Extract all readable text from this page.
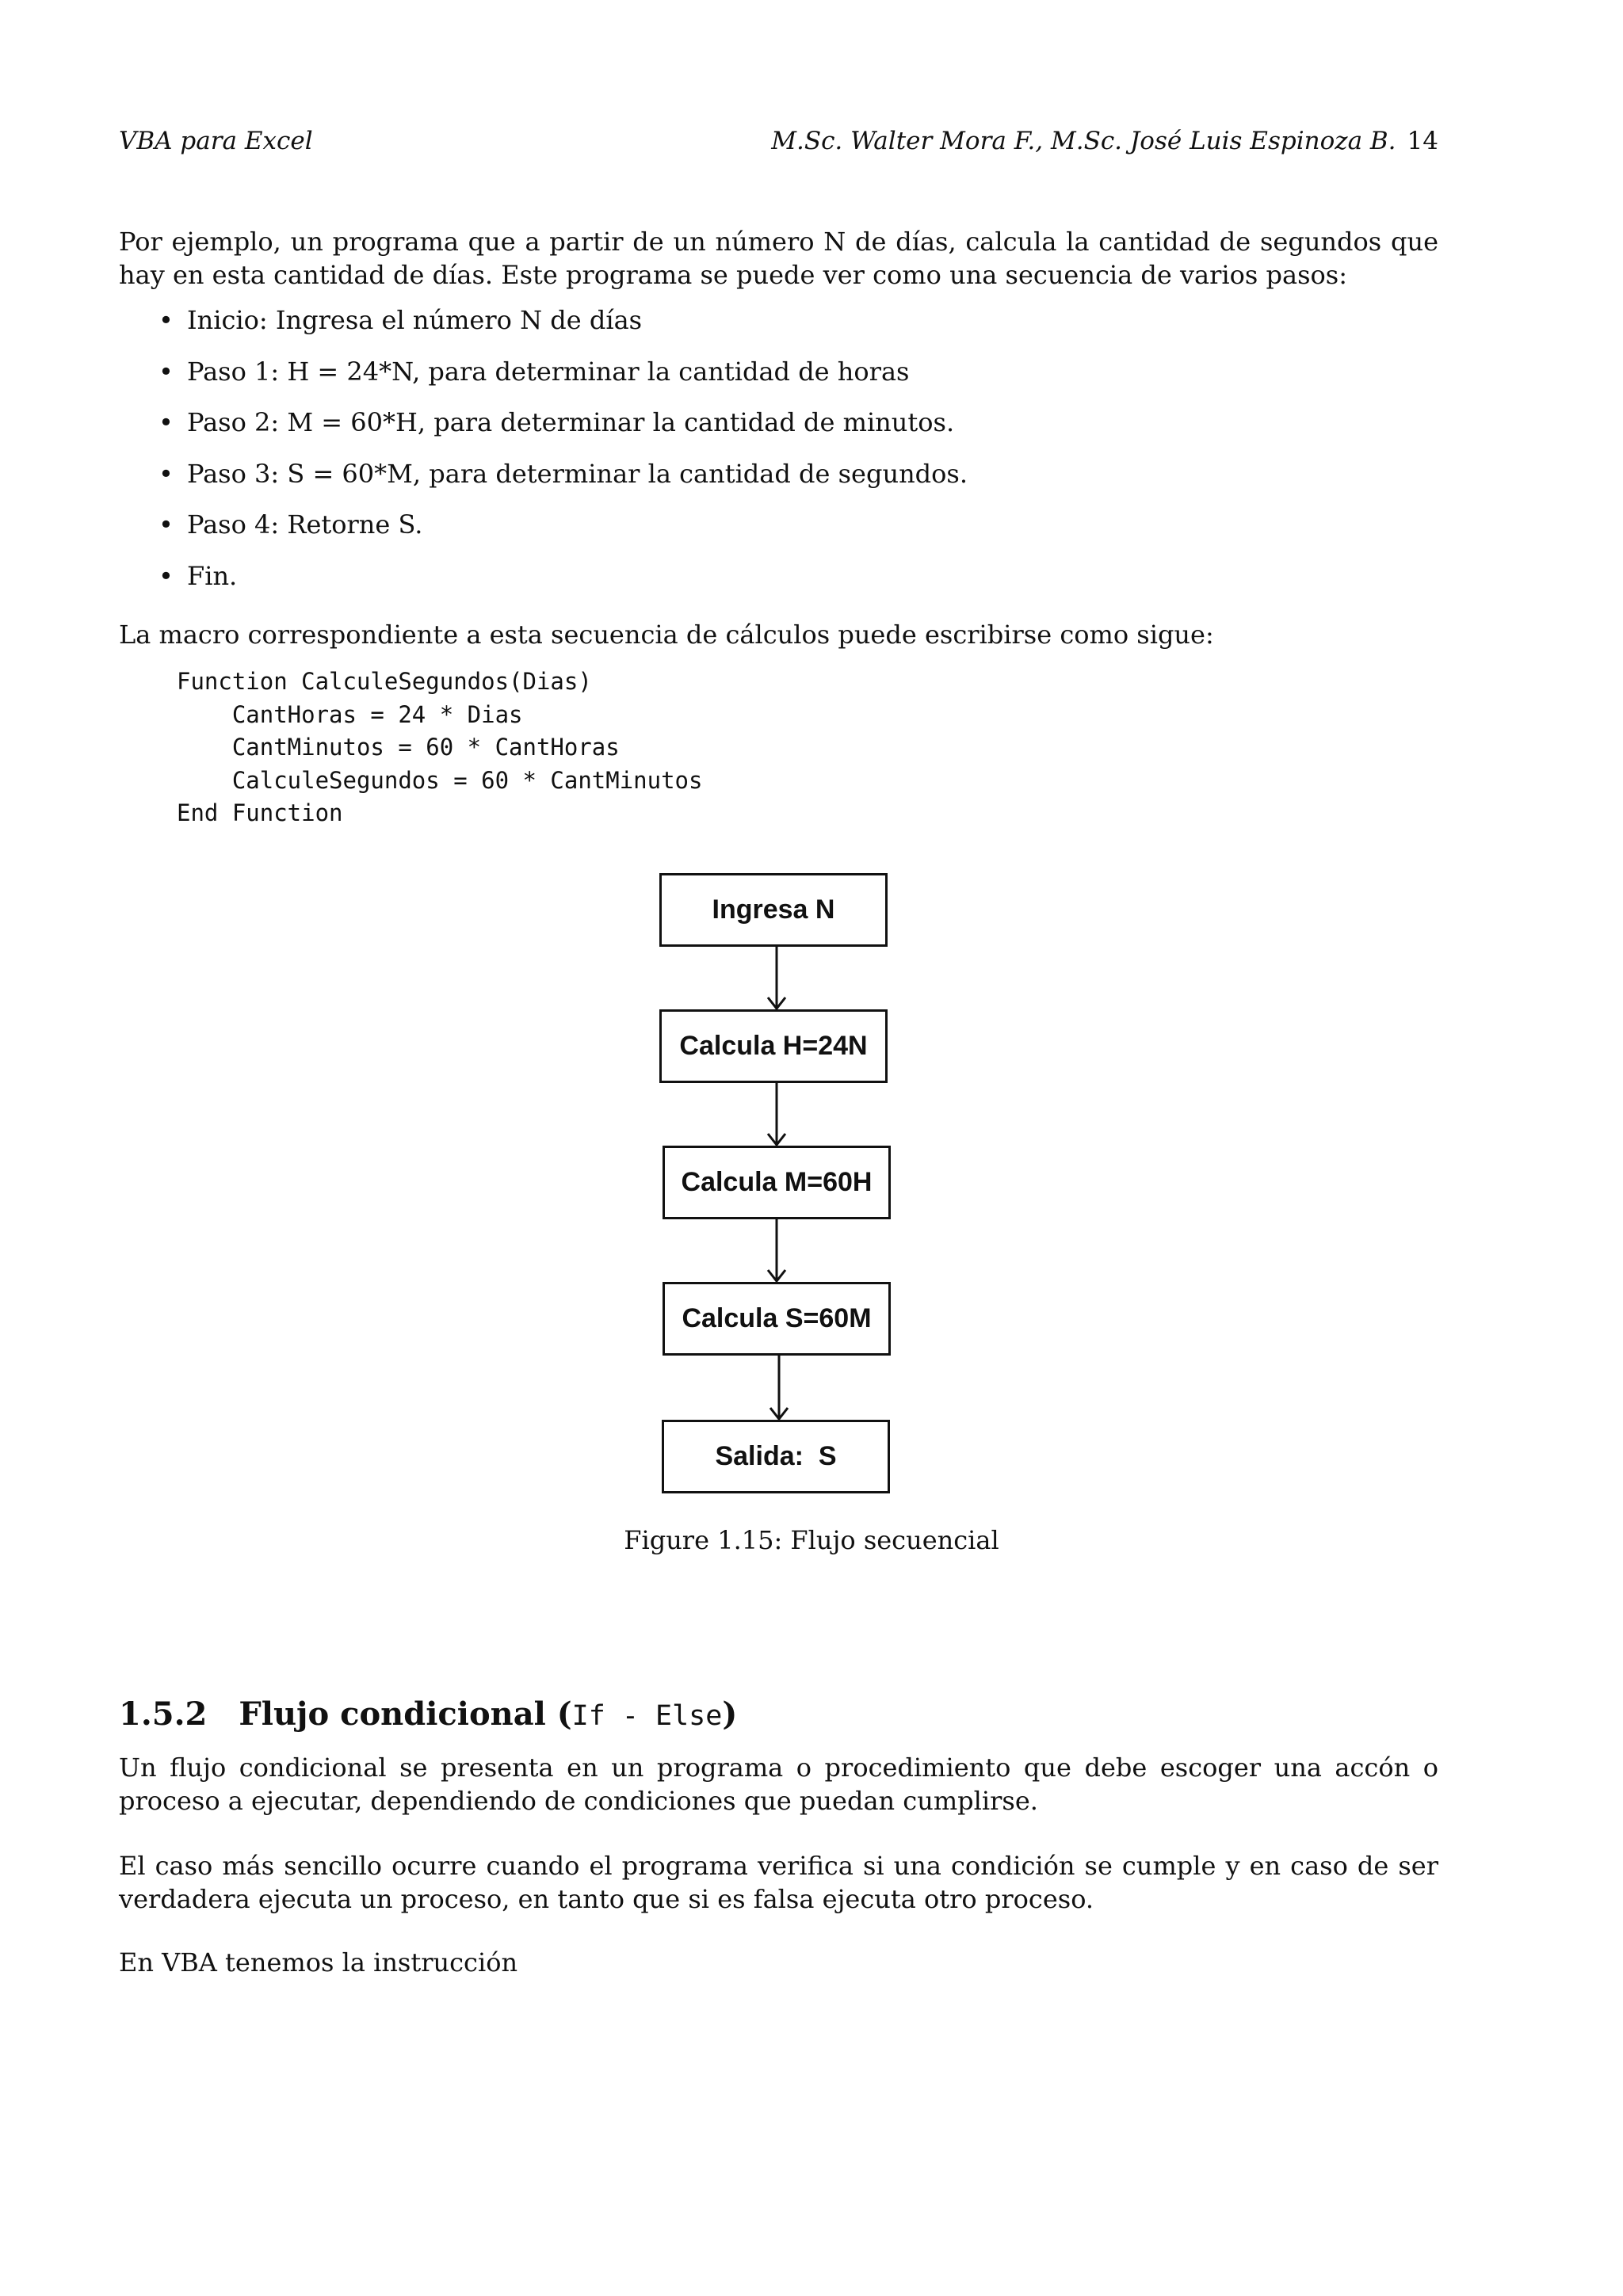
VBA para Excel	M.Sc. Walter Mora F., M.Sc. José Luis Espinoza B. 14

Por ejemplo, un programa que a partir de un número N de días, calcula la cantidad de segundos que hay en esta cantidad de días. Este programa se puede ver como una secuencia de varios pasos:

• Inicio: Ingresa el número N de días
• Paso 1: H = 24*N, para determinar la cantidad de horas
• Paso 2: M = 60*H, para determinar la cantidad de minutos.
• Paso 3: S = 60*M, para determinar la cantidad de segundos.
• Paso 4: Retorne S.
• Fin.

La macro correspondiente a esta secuencia de cálculos puede escribirse como sigue:

Function CalculeSegundos(Dias)
CantHoras = 24 * Dias
CantMinutos = 60 * CantHoras
CalculeSegundos = 60 * CantMinutos
End Function
Ingresa N
Calcula H=24N
Calcula M=60H
Calcula S=60M
Salida:  S
Figure 1.15: Flujo secuencial
1.5.2 Flujo condicional (If - Else)

Un flujo condicional se presenta en un programa o procedimiento que debe escoger una accón o proceso a ejecutar, dependiendo de condiciones que puedan cumplirse.

El caso más sencillo ocurre cuando el programa verifica si una condición se cumple y en caso de ser verdadera ejecuta un proceso, en tanto que si es falsa ejecuta otro proceso.

En VBA tenemos la instrucción
